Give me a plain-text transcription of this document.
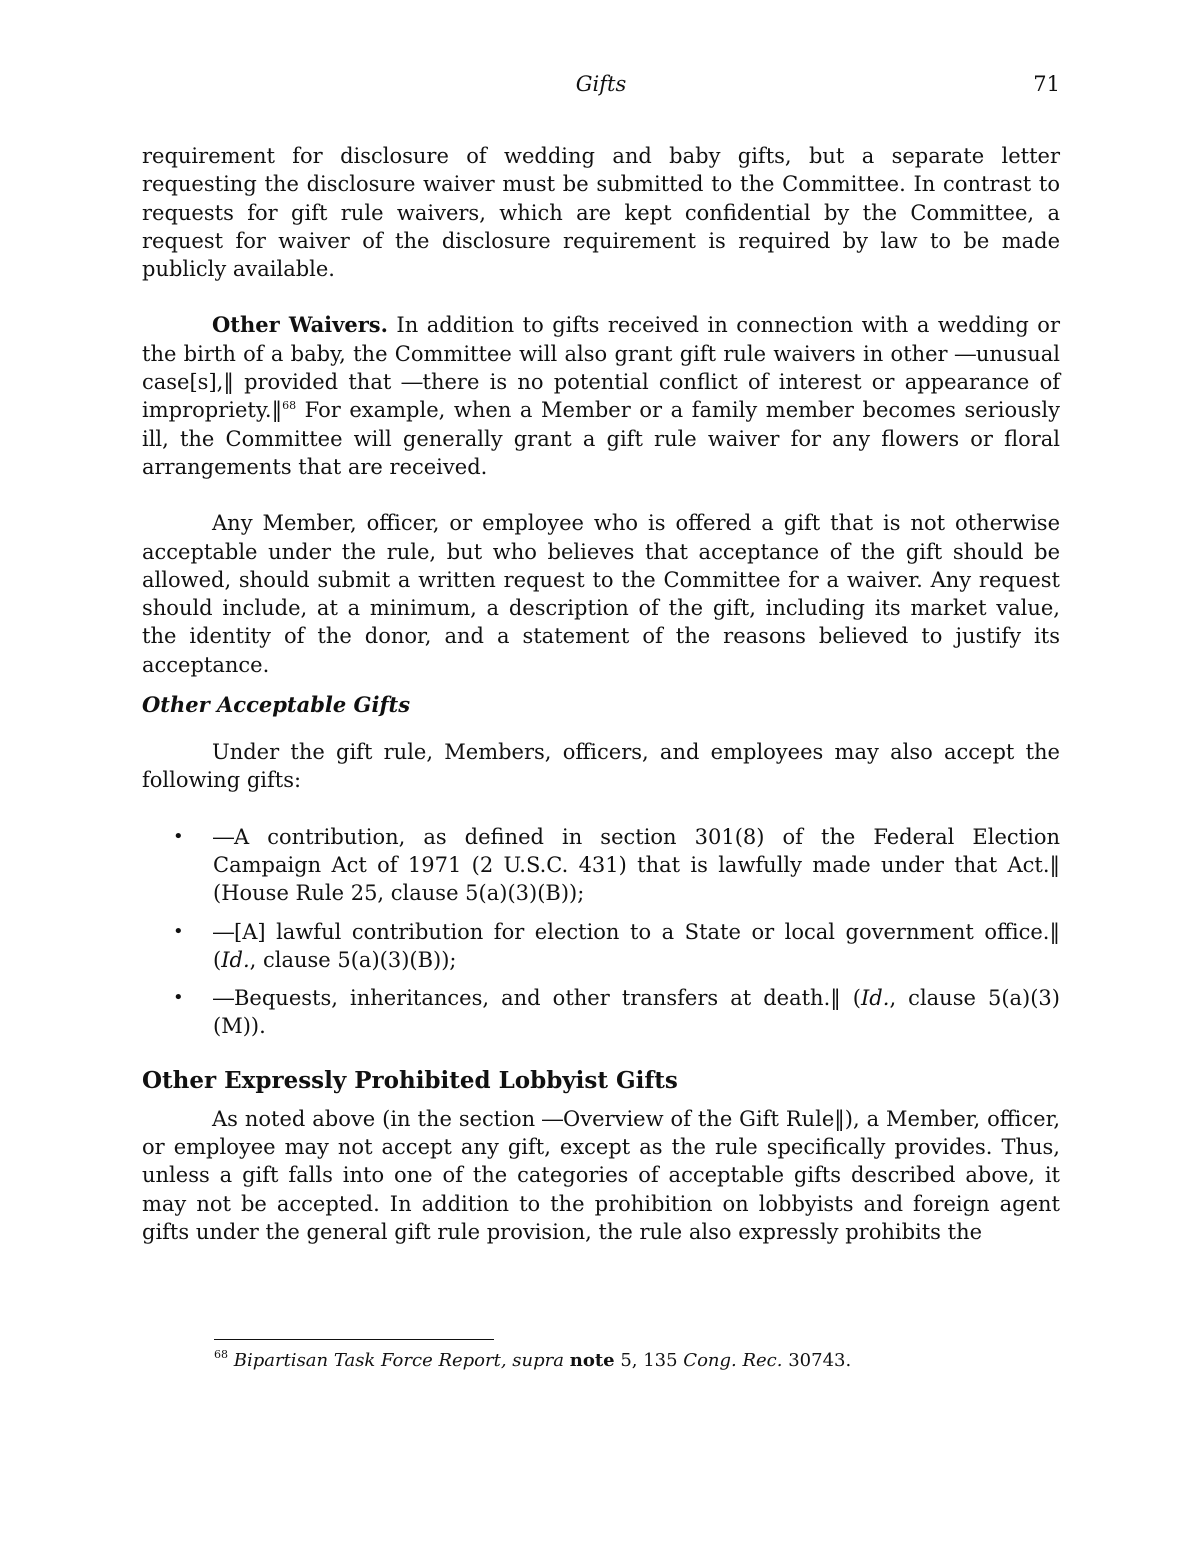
Gifts	71

requirement for disclosure of wedding and baby gifts, but a separate letter requesting the disclosure waiver must be submitted to the Committee. In contrast to requests for gift rule waivers, which are kept confidential by the Committee, a request for waiver of the disclosure requirement is required by law to be made publicly available.

Other Waivers. In addition to gifts received in connection with a wedding or the birth of a baby, the Committee will also grant gift rule waivers in other ―unusual case[s],‖ provided that ―there is no potential conflict of interest or appearance of impropriety.‖$^{68}$ For example, when a Member or a family member becomes seriously ill, the Committee will generally grant a gift rule waiver for any flowers or floral arrangements that are received.

Any Member, officer, or employee who is offered a gift that is not otherwise acceptable under the rule, but who believes that acceptance of the gift should be allowed, should submit a written request to the Committee for a waiver. Any request should include, at a minimum, a description of the gift, including its market value, the identity of the donor, and a statement of the reasons believed to justify its acceptance.

Other Acceptable Gifts

Under the gift rule, Members, officers, and employees may also accept the following gifts:

• ―A contribution, as defined in section 301(8) of the Federal Election Campaign Act of 1971 (2 U.S.C. 431) that is lawfully made under that Act.‖ (House Rule 25, clause 5(a)(3)(B));
• ―[A] lawful contribution for election to a State or local government office.‖ (Id., clause 5(a)(3)(B));
• ―Bequests, inheritances, and other transfers at death.‖ (Id., clause 5(a)(3)(M)).

Other Expressly Prohibited Lobbyist Gifts

As noted above (in the section ―Overview of the Gift Rule‖), a Member, officer, or employee may not accept any gift, except as the rule specifically provides. Thus, unless a gift falls into one of the categories of acceptable gifts described above, it may not be accepted. In addition to the prohibition on lobbyists and foreign agent gifts under the general gift rule provision, the rule also expressly prohibits the

$^{68}$ Bipartisan Task Force Report, supra note 5, 135 Cong. Rec. 30743.
